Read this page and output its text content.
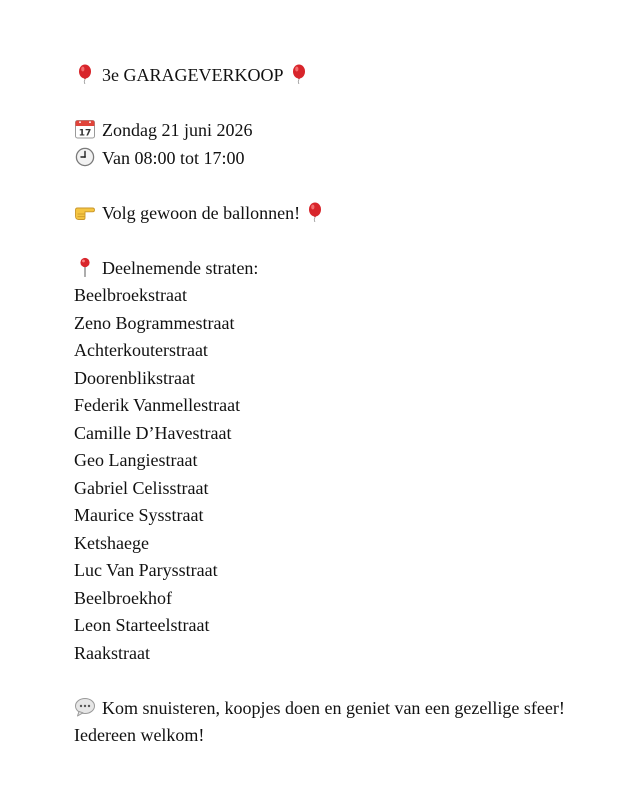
3e GARAGEVERKOOP
17 Zondag 21 juni 2026
Van 08:00 tot 17:00
Volg gewoon de ballonnen!
Deelnemende straten:
Beelbroekstraat
Zeno Bogrammestraat
Achterkouterstraat
Doorenblikstraat
Federik Vanmellestraat
Camille D’Havestraat
Geo Langiestraat
Gabriel Celisstraat
Maurice Sysstraat
Ketshaege
Luc Van Parysstraat
Beelbroekhof
Leon Starteelstraat
Raakstraat
Kom snuisteren, koopjes doen en geniet van een gezellige sfeer!
Iedereen welkom!
